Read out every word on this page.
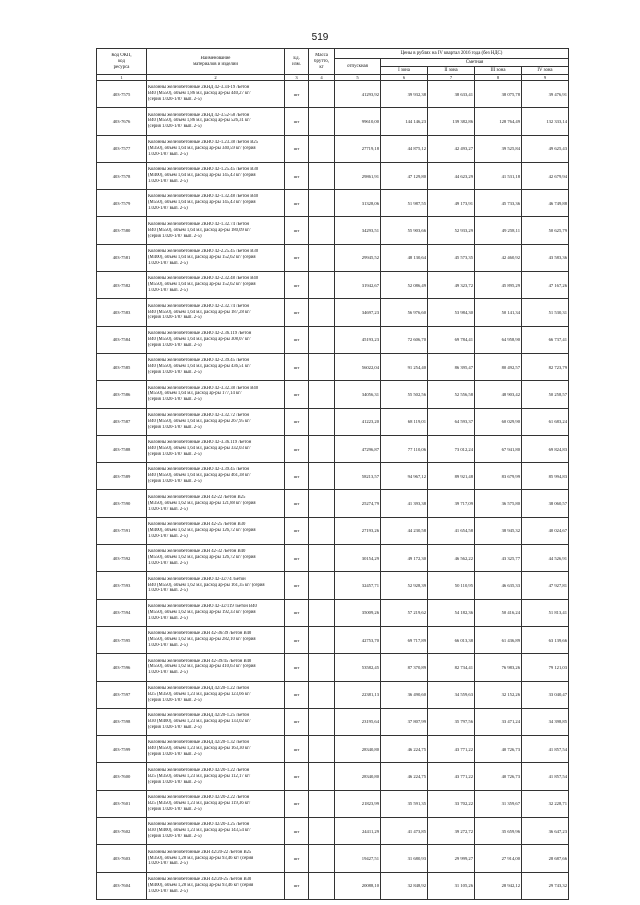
519
Код ОКП,
код
ресурса	Наименование
материалов и изделий	Ед.
изм.	Масса
брутто,
кг	Цены в рублях на IV квартал 2016 года (без НДС)				
				отпускная	Сметная			
					I зона	II зона	III зона	IV зона
1	2	3	4	5	6	7	8	9
403-7575	Колонны железобетонные 2КНД 42-3.34-19 /Бетон
В40 (М550), объем 1,86 м3, расход ар-ры 440,27 кг/
(серия 1.020-1/87 вып. 2-5)	шт		41293,92	39 932,38	38 633,41	38 075,78	39 476,91
403-7676	Колонны железобетонные 2КНД 42-3.52-58 /Бетон
В40 (М550), объем 1,86 м3, расход ар-ры 526,31 кг/
(серия 1.020-1/87 вып. 2-5)	шт		99610,00	144 146,23	139 382,86	128 764,49	132 333,14
403-7577	Колонны железобетонные 2КНО 42-1.23.38 /Бетон В25
(М350), объем 1,64 м3, расход ар-ры 340,59 кг/ (серия
1.020-1/87 вып. 2-5)	шт		27719,18	44 875,12	42 493,27	39 525,84	49 625,43
403-7578	Колонны железобетонные 2КНО 42-1.25.45 /Бетон В30
(М400), объем 1,64 м3, расход ар-ры 145,43 кг/ (серия
1.020-1/87 вып. 2-5)	шт		29861,91	47 129,80	44 623,29	41 531,18	42 679,94
403-7579	Колонны железобетонные 2КНО 42-1.32.48 /Бетон В40
(М550), объем 1,64 м3, расход ар-ры 145,43 кг/ (серия
1.020-1/87 вып. 2-5)	шт		31328,06	51 987,55	49 173,91	45 733,36	46 749,88
403-7580	Колонны железобетонные 2КНО 42-1.32.74 /Бетон
В40 (М550), объем 1,64 м3, расход ар-ры 180,09 кг/
(серия 1.020-1/87 вып. 2-5)	шт		34293,51	55 903,66	52 933,29	49 258,11	50 625,79
403-7581	Колонны железобетонные 2КНО 42-2.25.45 /Бетон В30
(М400), объем 1,64 м3, расход ар-ры 152,62 кг/ (серия
1.020-1/87 вып. 2-5)	шт		29945,52	48 130,64	45 573,35	42 460,92	43 583,36
403-7582	Колонны железобетонные 2КНО 42-2.32.48 /Бетон В40
(М550), объем 1,64 м3, расход ар-ры 152,62 кг/ (серия
1.020-1/87 вып. 2-5)	шт		31942,67	52 086,49	49 323,72	45 895,29	47 167,26
403-7583	Колонны железобетонные 2КНО 42-2.32.74 /Бетон
В40 (М550), объем 1,64 м3, расход ар-ры 187,28 кг/
(серия 1.020-1/87 вып. 2-5)	шт		34697,23	56 976,60	53 984,30	50 141,34	51 530,31
403-7584	Колонны железобетонные 2КНО 42-2.36.119 /Бетон
В40 (М550), объем 1,64 м3, расход ар-ры 308,07 кг/
(серия 1.020-1/87 вып. 2-5)	шт		45193,23	72 606,70	69 784,41	64 958,90	66 737,41
403-7585	Колонны железобетонные 2КНО 42-2.39.45 /Бетон
В40 (М550), объем 1,64 м3, расход ар-ры 436,51 кг/
(серия 1.020-1/87 вып. 2-5)	шт		56022,04	91 254,40	86 395,47	80 492,57	82 723,79
403-7586	Колонны железобетонные 2КНО 42-3.32.38 /Бетон В40
(М550), объем 1,64 м3, расход ар-ры 177,14 кг/
(серия 1.020-1/87 вып. 2-5)	шт		34056,31	55 502,56	52 556,58	48 903,42	50 258,57
403-7587	Колонны железобетонные 2КНО 42-3.32.72 /Бетон
В40 (М550), объем 1,64 м3, расход ар-ры 267,95 кг/
(серия 1.020-1/87 вып. 2-5)	шт		41223,20	68 119,01	64 593,37	60 029,90	61 683,24
403-7588	Колонны железобетонные 2КНО 42-3.36.119 /Бетон
В40 (М550), объем 1,64 м3, расход ар-ры 332,03 кг/
(серия 1.020-1/87 вып. 2-5)	шт		47296,87	77 110,06	73 012,24	67 941,80	69 824,83
403-7589	Колонны железобетонные 2КНО 42-3.39.45 /Бетон
В40 (М550), объем 1,64 м3, расход ар-ры 461,38 кг/
(серия 1.020-1/87 вып. 2-5)	шт		58213,57	94 967,12	89 921,48	83 679,99	85 994,83
403-7590	Колонны железобетонные 2КН 42-22 /Бетон В25
(М350), объем 1,62 м3, расход ар-ры 121,88 кг/ (серия
1.020-1/87 вып. 2-5)	шт		25274,79	41 393,38	39 717,09	36 575,80	38 060,57
403-7591	Колонны железобетонные 2КН 42-25 /Бетон В30
(М400), объем 1,62 м3, расход ар-ры 126,72 кг/ (серия
1.020-1/87 вып. 2-5)	шт		27193,26	44 230,58	41 654,58	38 945,32	40 024,67
403-7592	Колонны железобетонные 2КН 42-32 /Бетон В40
(М550), объем 1,62 м3, расход ар-ры 126,72 кг/ (серия
1.020-1/87 вып. 2-5)	шт		30154,29	49 172,30	46 562,22	43 325,77	44 526,91
403-7593	Колонны железобетонные 2КНО 42-32/74 /Бетон
В40 (М550), объем 1,62 м3, расход ар-ры 161,35 кг/ (серия
1.020-1/87 вып. 2-5)	шт		32457,71	52 928,39	50 110,95	46 635,33	47 927,81
403-7594	Колонны железобетонные 2КНО 42-32/119 /Бетон В40
(М550), объем 1,62 м3, расход ар-ры 192,33 кг/ (серия
1.020-1/87 вып. 2-5)	шт		35009,26	57 219,62	54 182,36	50 416,24	51 813,41
403-7595	Колонны железобетонные 2КН 42-36/39 /Бетон В40
(М550), объем 1,62 м3, расход ар-ры 282,10 кг/ (серия
1.020-1/87 вып. 2-5)	шт		42753,70	69 717,89	66 013,38	61 436,89	63 139,66
403-7596	Колонны железобетонные 2КН 42-39/45 /Бетон В40
(М550), объем 1,62 м3, расход ар-ры 410,63 кг/ (серия
1.020-1/87 вып. 2-5)	шт		53582,45	87 370,89	82 734,41	76 983,26	79 121,03
403-7597	Колонны железобетонные 2КНД 42/20-1.22 /Бетон
В25 (М350), объем 1,23 м3, расход ар-ры 123,66 кг/
(серия 1.020-1/87 вып. 2-5)	шт		22381,13	36 490,60	34 559,63	32 152,26	33 040,47
403-7598	Колонны железобетонные 2КНД 42/20-1.25 /Бетон
В30 (М400), объем 1,23 м3, расход ар-ры 133,02 кг/
(серия 1.020-1/87 вып. 2-5)	шт		23195,64	37 807,99	35 797,56	33 471,24	34 398,85
403-7599	Колонны железобетонные 2КНД 42/20-1.32 /Бетон
В40 (М550), объем 1,23 м3, расход ар-ры 163,30 кг/
(серия 1.020-1/87 вып. 2-5)	шт		28340,80	46 224,75	43 771,22	40 726,73	41 857,54
403-7600	Колонны железобетонные 2КНО 42/20-1.22 /Бетон
В25 (М350), объем 1,23 м3, расход ар-ры 112,17 кг/
(серия 1.020-1/87 вып. 2-5)	шт		28340,80	46 224,75	43 771,22	40 726,73	41 857,54
403-7601	Колонны железобетонные 2КНО 42/20-2.22 /Бетон
В25 (М350), объем 1,23 м3, расход ар-ры 119,36 кг/
(серия 1.020-1/87 вып. 2-5)	шт		21823,99	35 591,35	33 702,22	31 359,67	32 228,71
403-7602	Колонны железобетонные 2КНО 42/20-3.25 /Бетон
В30 (М400), объем 1,23 м3, расход ар-ры 143,54 кг/
(серия 1.020-1/87 вып. 2-5)	шт		24411,29	41 473,85	39 272,72	35 659,96	36 647,23
403-7603	Колонны железобетонные 2КН 42/20-22 /Бетон В25
(М350), объем 1,28 м3, расход ар-ры 93,46 кг/ (серия
1.020-1/87 вып. 2-5)	шт		19427,51	31 680,93	29 999,27	27 914,00	28 687,66
403-7604	Колонны железобетонные 2КН 42/20-25 /Бетон В30
(М400), объем 1,28 м3, расход ар-ры 93,46 кг/ (серия
1.020-1/87 вып. 2-5)	шт		20088,10	32 848,92	31 105,26	28 942,12	29 743,32
